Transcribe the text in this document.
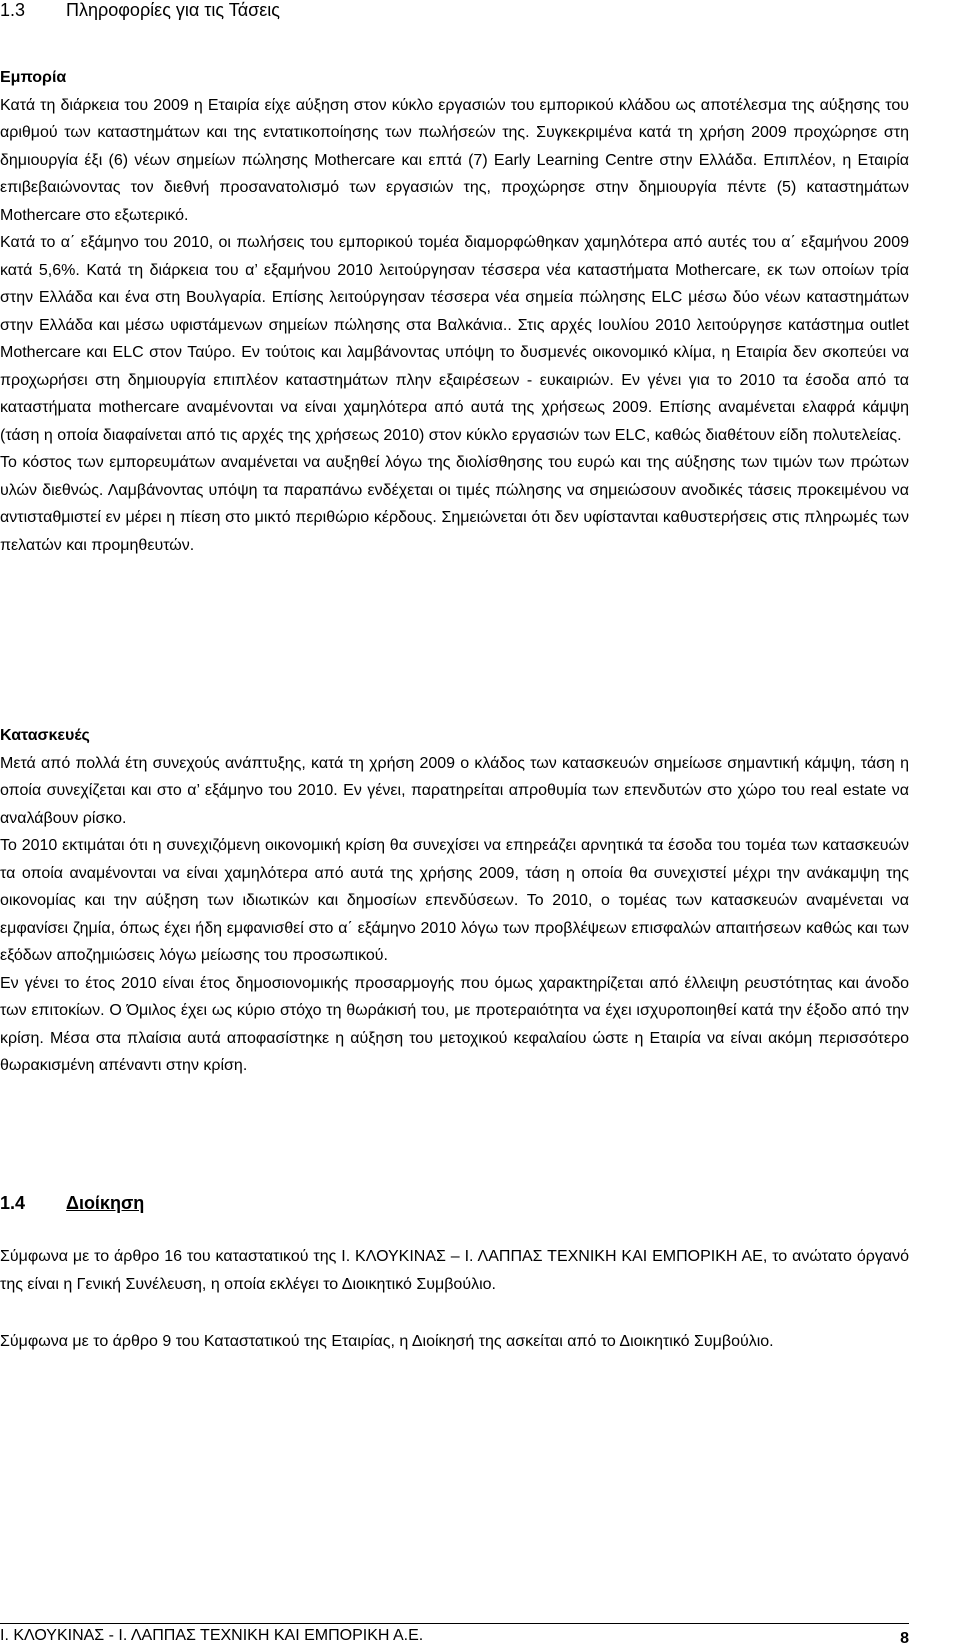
1.3 Πληροφορίες για τις Τάσεις

Εμπορία

Κατά τη διάρκεια του 2009 η Εταιρία είχε αύξηση στον κύκλο εργασιών του εμπορικού κλάδου ως αποτέλεσμα της αύξησης του αριθμού των καταστημάτων και της εντατικοποίησης των πωλήσεών της. Συγκεκριμένα κατά τη χρήση 2009 προχώρησε στη δημιουργία έξι (6) νέων σημείων πώλησης Mothercare και επτά (7) Early Learning Centre στην Ελλάδα. Επιπλέον, η Εταιρία επιβεβαιώνοντας τον διεθνή προσανατολισμό των εργασιών της, προχώρησε στην δημιουργία πέντε (5) καταστημάτων Mothercare στο εξωτερικό.

Κατά το α΄ εξάμηνο του 2010, οι πωλήσεις του εμπορικού τομέα διαμορφώθηκαν χαμηλότερα από αυτές του α΄ εξαμήνου 2009 κατά 5,6%. Κατά τη διάρκεια του α’ εξαμήνου 2010 λειτούργησαν τέσσερα νέα καταστήματα Mothercare, εκ των οποίων τρία στην Ελλάδα και ένα στη Βουλγαρία. Επίσης λειτούργησαν τέσσερα νέα σημεία πώλησης ELC μέσω δύο νέων καταστημάτων στην Ελλάδα και μέσω υφιστάμενων σημείων πώλησης στα Βαλκάνια.. Στις αρχές Ιουλίου 2010 λειτούργησε κατάστημα outlet Mothercare και ELC στον Ταύρο. Εν τούτοις και λαμβάνοντας υπόψη το δυσμενές οικονομικό κλίμα, η Εταιρία δεν σκοπεύει να προχωρήσει στη δημιουργία επιπλέον καταστημάτων πλην εξαιρέσεων - ευκαιριών. Εν γένει για το 2010 τα έσοδα από τα καταστήματα mothercare αναμένονται να είναι χαμηλότερα από αυτά της χρήσεως 2009. Επίσης αναμένεται ελαφρά κάμψη (τάση η οποία διαφαίνεται από τις αρχές της χρήσεως 2010) στον κύκλο εργασιών των ELC, καθώς διαθέτουν είδη πολυτελείας.

Το κόστος των εμπορευμάτων αναμένεται να αυξηθεί λόγω της διολίσθησης του ευρώ και της αύξησης των τιμών των πρώτων υλών διεθνώς. Λαμβάνοντας υπόψη τα παραπάνω ενδέχεται οι τιμές πώλησης να σημειώσουν ανοδικές τάσεις προκειμένου να αντισταθμιστεί εν μέρει η πίεση στο μικτό περιθώριο κέρδους. Σημειώνεται ότι δεν υφίστανται καθυστερήσεις στις πληρωμές των πελατών και προμηθευτών.

Κατασκευές

Μετά από πολλά έτη συνεχούς ανάπτυξης, κατά τη χρήση 2009 ο κλάδος των κατασκευών σημείωσε σημαντική κάμψη, τάση η οποία συνεχίζεται και στο α’ εξάμηνο του 2010. Εν γένει, παρατηρείται απροθυμία των επενδυτών στο χώρο του real estate να αναλάβουν ρίσκο.

Το 2010 εκτιμάται ότι η συνεχιζόμενη οικονομική κρίση θα συνεχίσει να επηρεάζει αρνητικά τα έσοδα του τομέα των κατασκευών τα οποία αναμένονται να είναι χαμηλότερα από αυτά της χρήσης 2009, τάση η οποία θα συνεχιστεί μέχρι την ανάκαμψη της οικονομίας και την αύξηση των ιδιωτικών και δημοσίων επενδύσεων. Το 2010, ο τομέας των κατασκευών αναμένεται να εμφανίσει ζημία, όπως έχει ήδη εμφανισθεί στο α΄ εξάμηνο 2010 λόγω των προβλέψεων επισφαλών απαιτήσεων καθώς και των εξόδων αποζημιώσεις λόγω μείωσης του προσωπικού.

Εν γένει το έτος 2010 είναι έτος δημοσιονομικής προσαρμογής που όμως χαρακτηρίζεται από έλλειψη ρευστότητας και άνοδο των επιτοκίων. Ο Όμιλος έχει ως κύριο στόχο τη θωράκισή του, με προτεραιότητα να έχει ισχυροποιηθεί κατά την έξοδο από την κρίση. Μέσα στα πλαίσια αυτά αποφασίστηκε η αύξηση του μετοχικού κεφαλαίου ώστε η Εταιρία να είναι ακόμη περισσότερο θωρακισμένη απέναντι στην κρίση.

1.4 Διοίκηση

Σύμφωνα με το άρθρο 16 του καταστατικού της Ι. ΚΛΟΥΚΙΝΑΣ – Ι. ΛΑΠΠΑΣ ΤΕΧΝΙΚΗ ΚΑΙ ΕΜΠΟΡΙΚΗ ΑΕ, το ανώτατο όργανό της είναι η Γενική Συνέλευση, η οποία εκλέγει το Διοικητικό Συμβούλιο.

Σύμφωνα με το άρθρο 9 του Καταστατικού της Εταιρίας, η Διοίκησή της ασκείται από το Διοικητικό Συμβούλιο.

Ι. ΚΛΟΥΚΙΝΑΣ - Ι. ΛΑΠΠΑΣ ΤΕΧΝΙΚΗ ΚΑΙ ΕΜΠΟΡΙΚΗ Α.Ε.	8
